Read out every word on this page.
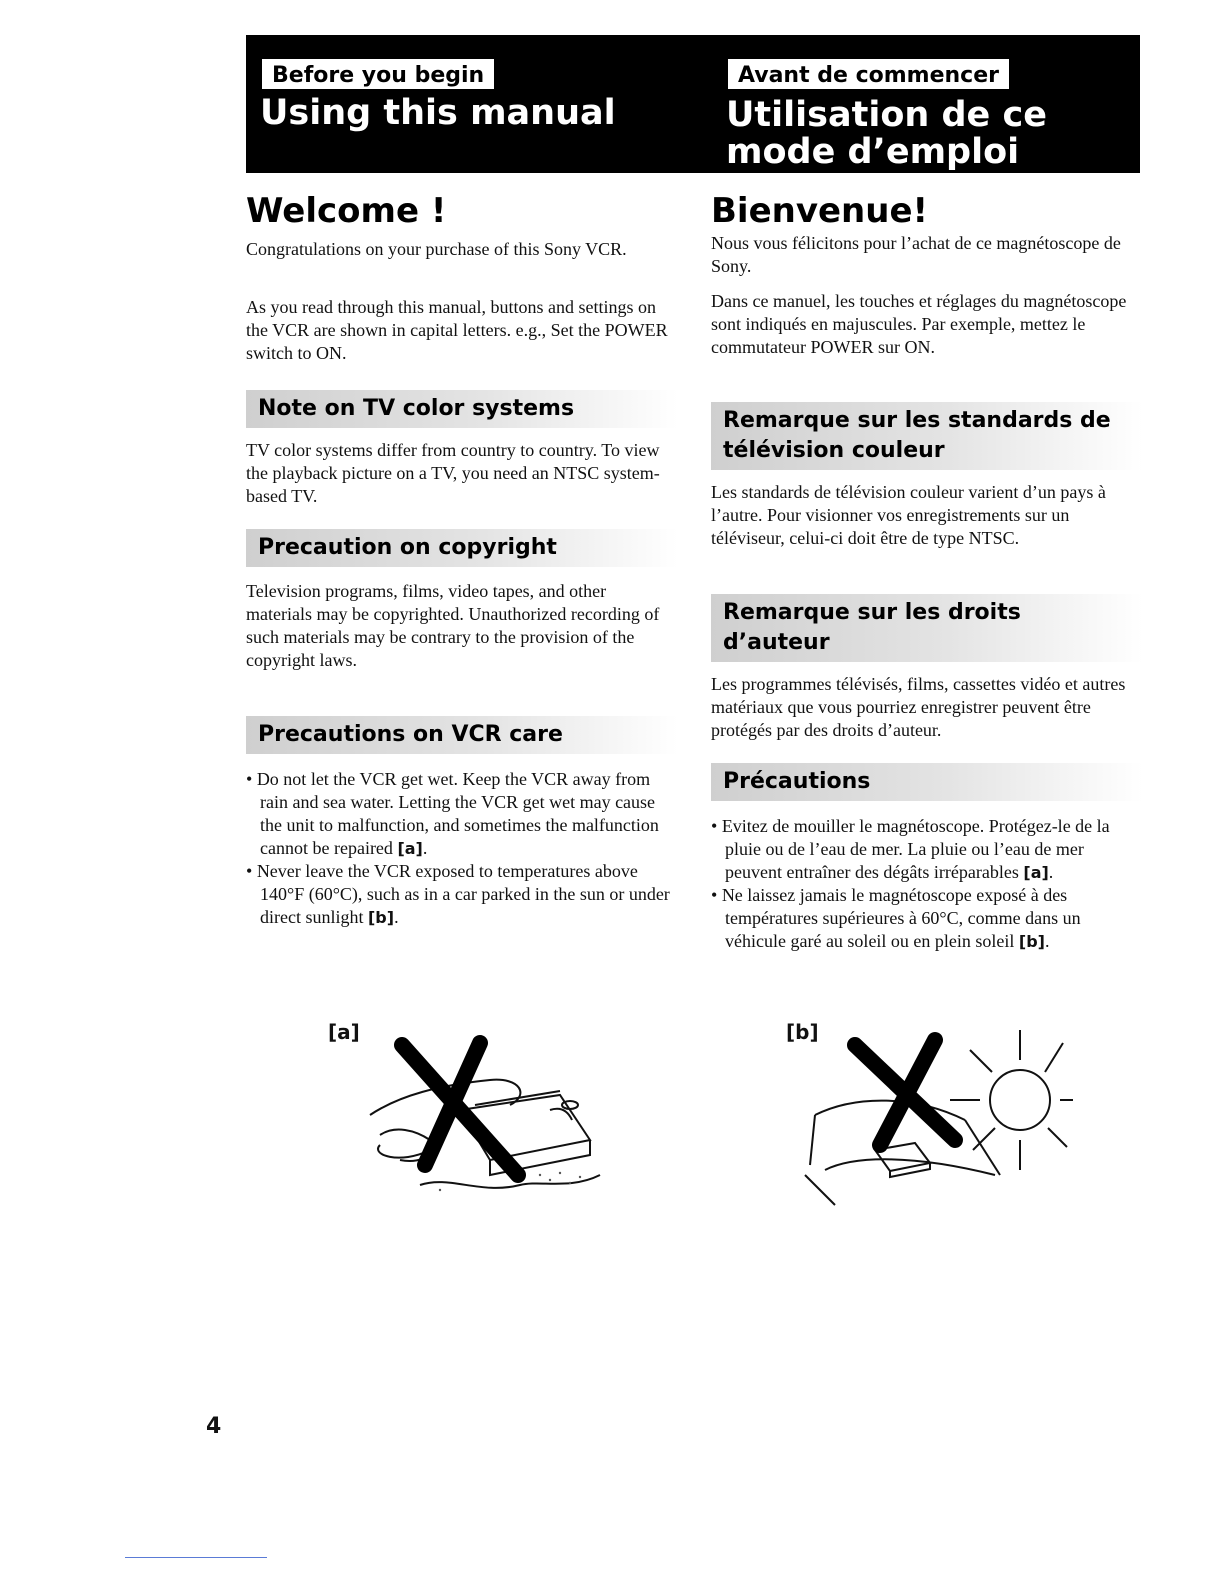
Before you begin
Using this manual
Avant de commencer
Utilisation de ce
mode d’emploi
Welcome !

Congratulations on your purchase of this Sony VCR.

As you read through this manual, buttons and settings on the VCR are shown in capital letters. e.g., Set the POWER switch to ON.

Note on TV color systems

TV color systems differ from country to country. To view the playback picture on a TV, you need an NTSC system-based TV.

Precaution on copyright

Television programs, films, video tapes, and other materials may be copyrighted. Unauthorized recording of such materials may be contrary to the provision of the copyright laws.

Precautions on VCR care
• Do not let the VCR get wet. Keep the VCR away from rain and sea water. Letting the VCR get wet may cause the unit to malfunction, and sometimes the malfunction cannot be repaired [a].
• Never leave the VCR exposed to temperatures above 140°F (60°C), such as in a car parked in the sun or under direct sunlight [b].
Bienvenue!

Nous vous félicitons pour l’achat de ce magnétoscope de Sony.

Dans ce manuel, les touches et réglages du magnétoscope sont indiqués en majuscules. Par exemple, mettez le commutateur POWER sur ON.

Remarque sur les standards de
télévision couleur

Les standards de télévision couleur varient d’un pays à l’autre. Pour visionner vos enregistrements sur un téléviseur, celui-ci doit être de type NTSC.

Remarque sur les droits
d’auteur

Les programmes télévisés, films, cassettes vidéo et autres matériaux que vous pourriez enregistrer peuvent être protégés par des droits d’auteur.

Précautions
• Evitez de mouiller le magnétoscope. Protégez-le de la pluie ou de l’eau de mer. La pluie ou l’eau de mer peuvent entraîner des dégâts irréparables [a].
• Ne laissez jamais le magnétoscope exposé à des températures supérieures à 60°C, comme dans un véhicule garé au soleil ou en plein soleil [b].
[a]	[b]
4
